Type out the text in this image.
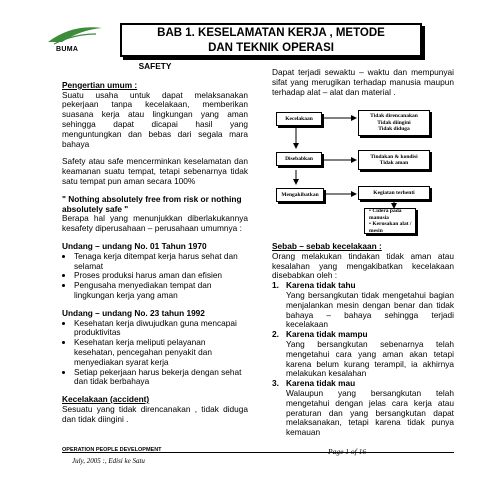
BUMA
BAB 1. KESELAMATAN KERJA , METODE
DAN TEKNIK OPERASI
SAFETY
Pengertian umum :
Suatu usaha untuk dapat melaksanakan pekerjaan tanpa kecelakaan, memberikan suasana kerja atau lingkungan yang aman sehingga dapat dicapai hasil yang menguntungkan dan bebas dari segala mara bahaya
Safety atau safe mencerminkan keselamatan dan keamanan suatu tempat, tetapi sebenarnya tidak satu tempat pun aman secara 100%
" Nothing absolutely free from risk or nothing absolutely safe "
Berapa hal yang menunjukkan diberlakukannya kesafety diperusahaan – perusahaan umumnya :
Undang – undang No. 01 Tahun 1970
• Tenaga kerja ditempat kerja harus sehat dan selamat
• Proses produksi harus aman dan efisien
• Pengusaha menyediakan tempat dan lingkungan kerja yang aman
Undang – undang No. 23 tahun 1992
• Kesehatan kerja diwujudkan guna mencapai produktivitas
• Kesehatan kerja meliputi pelayanan kesehatan, pencegahan penyakit dan menyediakan syarat kerja
• Setiap pekerjaan harus bekerja dengan sehat dan tidak berbahaya
Kecelakaan (accident)
Sesuatu yang tidak direncanakan , tidak diduga dan tidak diingini .
Dapat terjadi sewaktu – waktu dan mempunyai sifat yang merugikan terhadap manusia maupun terhadap alat – alat dan material .
Kecelakaan	Tidak direncanakan
Tidak diingini
Tidak diduga
Disebabkan	Tindakan & kondisi
Tidak aman
Mengakibatkan	Kegiatan terhenti
• Cidera pada manusia
• Kerusakan alat / mesin
Sebab – sebab kecelakaan :
Orang melakukan tindakan tidak aman atau kesalahan yang mengakibatkan kecelakaan disebabkan oleh :
1. Karena tidak tahu
Yang bersangkutan tidak mengetahui bagian menjalankan mesin dengan benar dan tidak bahaya – bahaya sehingga terjadi kecelakaan
2. Karena tidak mampu
Yang bersangkutan sebenarnya telah mengetahui cara yang aman akan tetapi karena belum kurang terampil, ia akhirnya melakukan kesalahan
3. Karena tidak mau
Walaupun yang bersangkutan telah mengetahui dengan jelas cara kerja atau peraturan dan yang bersangkutan dapat melaksanakan, tetapi karena tidak punya kemauan
OPERATION PEOPLE DEVELOPMENT	Page 1 of 16
July, 2005 :, Edisi ke Satu
